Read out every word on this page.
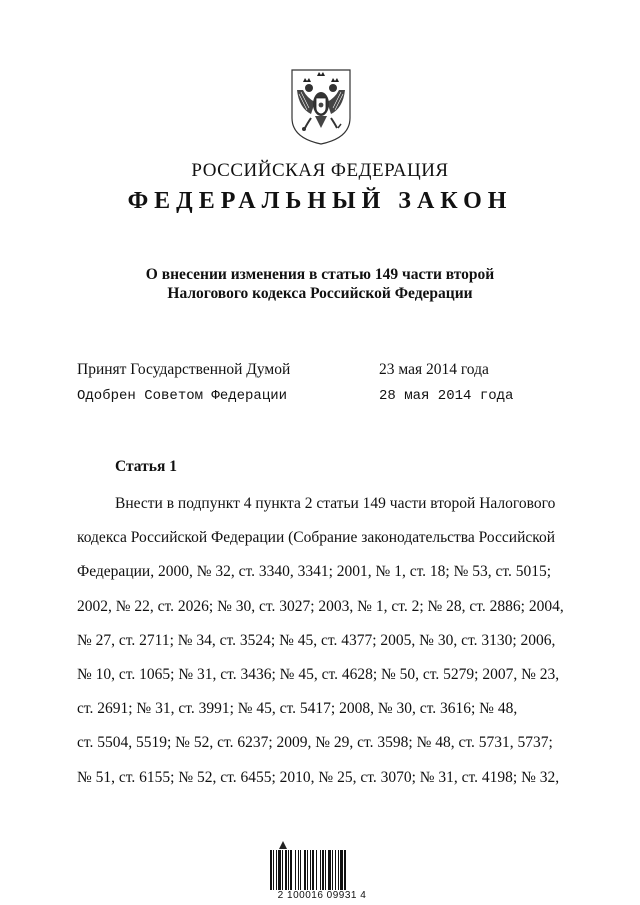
РОССИЙСКАЯ ФЕДЕРАЦИЯ
ФЕДЕРАЛЬНЫЙ ЗАКОН
О внесении изменения в статью 149 части второй
Налогового кодекса Российской Федерации
Принят Государственной Думой	23 мая 2014 года
Одобрен Советом Федерации	28 мая 2014 года
Статья 1
Внести в подпункт 4 пункта 2 статьи 149 части второй Налогового
кодекса Российской Федерации (Собрание законодательства Российской
Федерации, 2000, № 32, ст. 3340, 3341; 2001, № 1, ст. 18; № 53, ст. 5015;
2002, № 22, ст. 2026; № 30, ст. 3027; 2003, № 1, ст. 2; № 28, ст. 2886; 2004,
№ 27, ст. 2711; № 34, ст. 3524; № 45, ст. 4377; 2005, № 30, ст. 3130; 2006,
№ 10, ст. 1065; № 31, ст. 3436; № 45, ст. 4628; № 50, ст. 5279; 2007, № 23,
ст. 2691; № 31, ст. 3991; № 45, ст. 5417; 2008, № 30, ст. 3616; № 48,
ст. 5504, 5519; № 52, ст. 6237; 2009, № 29, ст. 3598; № 48, ст. 5731, 5737;
№ 51, ст. 6155; № 52, ст. 6455; 2010, № 25, ст. 3070; № 31, ст. 4198; № 32,
2 100016 09931 4
